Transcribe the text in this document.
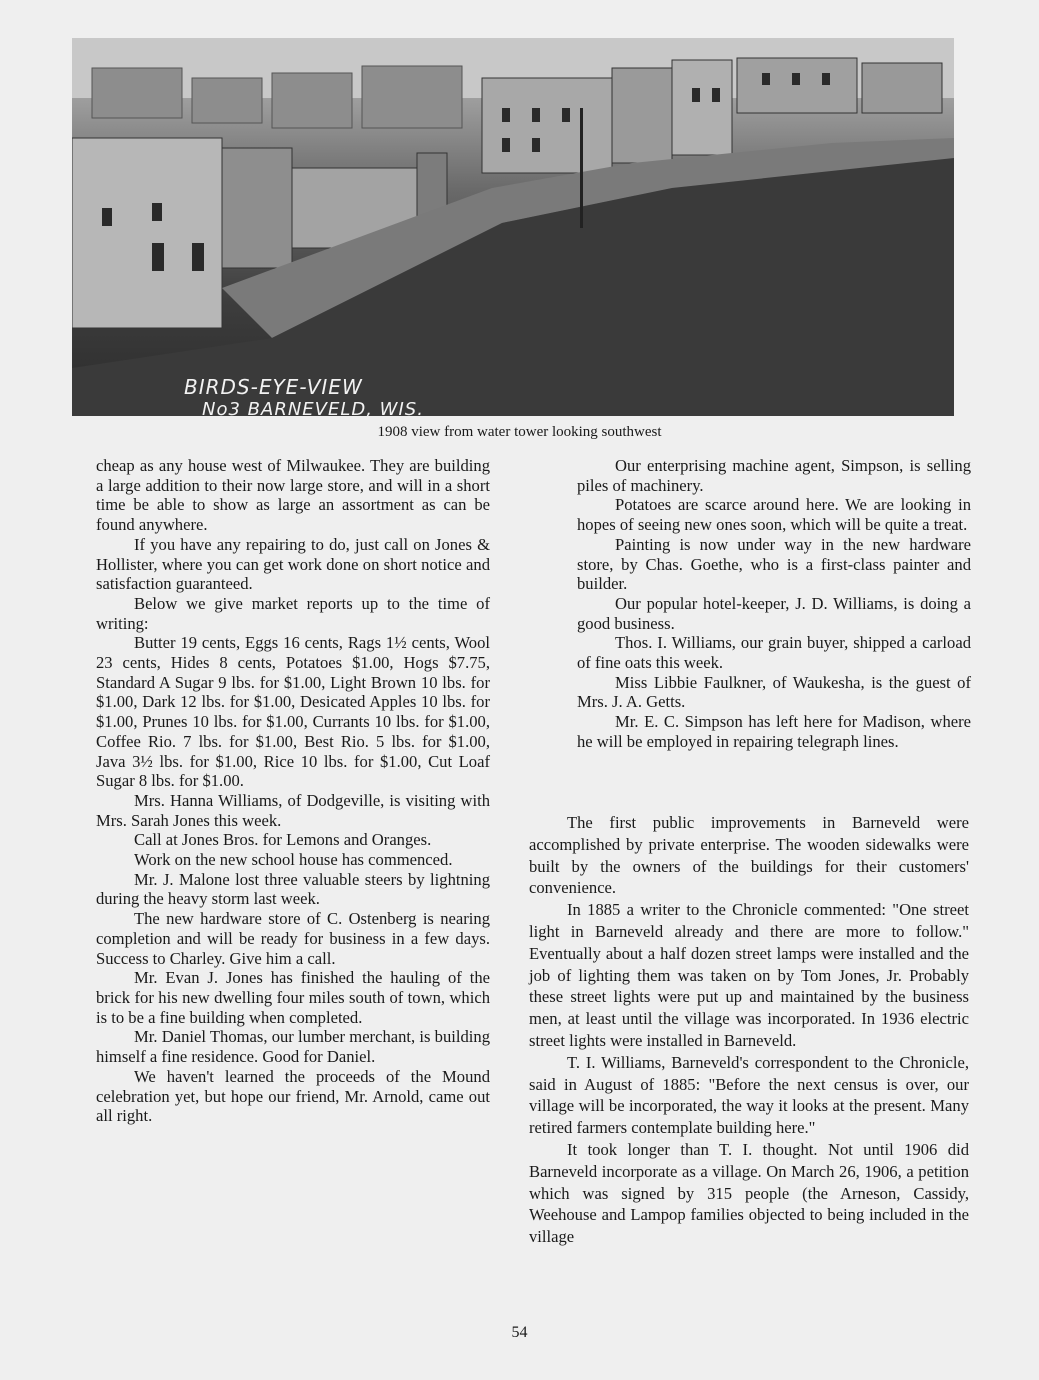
BIRDS-EYE-VIEW
No3 BARNEVELD, WIS.
1908 view from water tower looking southwest

cheap as any house west of Milwaukee. They are building a large addition to their now large store, and will in a short time be able to show as large an assortment as can be found anywhere.

If you have any repairing to do, just call on Jones & Hollister, where you can get work done on short notice and satisfaction guaranteed.

Below we give market reports up to the time of writing:

Butter 19 cents, Eggs 16 cents, Rags 1½ cents, Wool 23 cents, Hides 8 cents, Potatoes $1.00, Hogs $7.75, Standard A Sugar 9 lbs. for $1.00, Light Brown 10 lbs. for $1.00, Dark 12 lbs. for $1.00, Desicated Apples 10 lbs. for $1.00, Prunes 10 lbs. for $1.00, Currants 10 lbs. for $1.00, Coffee Rio. 7 lbs. for $1.00, Best Rio. 5 lbs. for $1.00, Java 3½ lbs. for $1.00, Rice 10 lbs. for $1.00, Cut Loaf Sugar 8 lbs. for $1.00.

Mrs. Hanna Williams, of Dodgeville, is visiting with Mrs. Sarah Jones this week.

Call at Jones Bros. for Lemons and Oranges.

Work on the new school house has commenced.

Mr. J. Malone lost three valuable steers by lightning during the heavy storm last week.

The new hardware store of C. Ostenberg is nearing completion and will be ready for business in a few days. Success to Charley. Give him a call.

Mr. Evan J. Jones has finished the hauling of the brick for his new dwelling four miles south of town, which is to be a fine building when completed.

Mr. Daniel Thomas, our lumber merchant, is building himself a fine residence. Good for Daniel.

We haven't learned the proceeds of the Mound celebration yet, but hope our friend, Mr. Arnold, came out all right.

Our enterprising machine agent, Simpson, is selling piles of machinery.

Potatoes are scarce around here. We are looking in hopes of seeing new ones soon, which will be quite a treat.

Painting is now under way in the new hardware store, by Chas. Goethe, who is a first-class painter and builder.

Our popular hotel-keeper, J. D. Williams, is doing a good business.

Thos. I. Williams, our grain buyer, shipped a carload of fine oats this week.

Miss Libbie Faulkner, of Waukesha, is the guest of Mrs. J. A. Getts.

Mr. E. C. Simpson has left here for Madison, where he will be employed in repairing telegraph lines.

The first public improvements in Barneveld were accomplished by private enterprise. The wooden sidewalks were built by the owners of the buildings for their customers' convenience.

In 1885 a writer to the Chronicle commented: "One street light in Barneveld already and there are more to follow." Eventually about a half dozen street lamps were installed and the job of lighting them was taken on by Tom Jones, Jr. Probably these street lights were put up and maintained by the business men, at least until the village was incorporated. In 1936 electric street lights were installed in Barneveld.

T. I. Williams, Barneveld's correspondent to the Chronicle, said in August of 1885: "Before the next census is over, our village will be incorporated, the way it looks at the present. Many retired farmers contemplate building here."

It took longer than T. I. thought. Not until 1906 did Barneveld incorporate as a village. On March 26, 1906, a petition which was signed by 315 people (the Arneson, Cassidy, Weehouse and Lampop families objected to being included in the village

54
